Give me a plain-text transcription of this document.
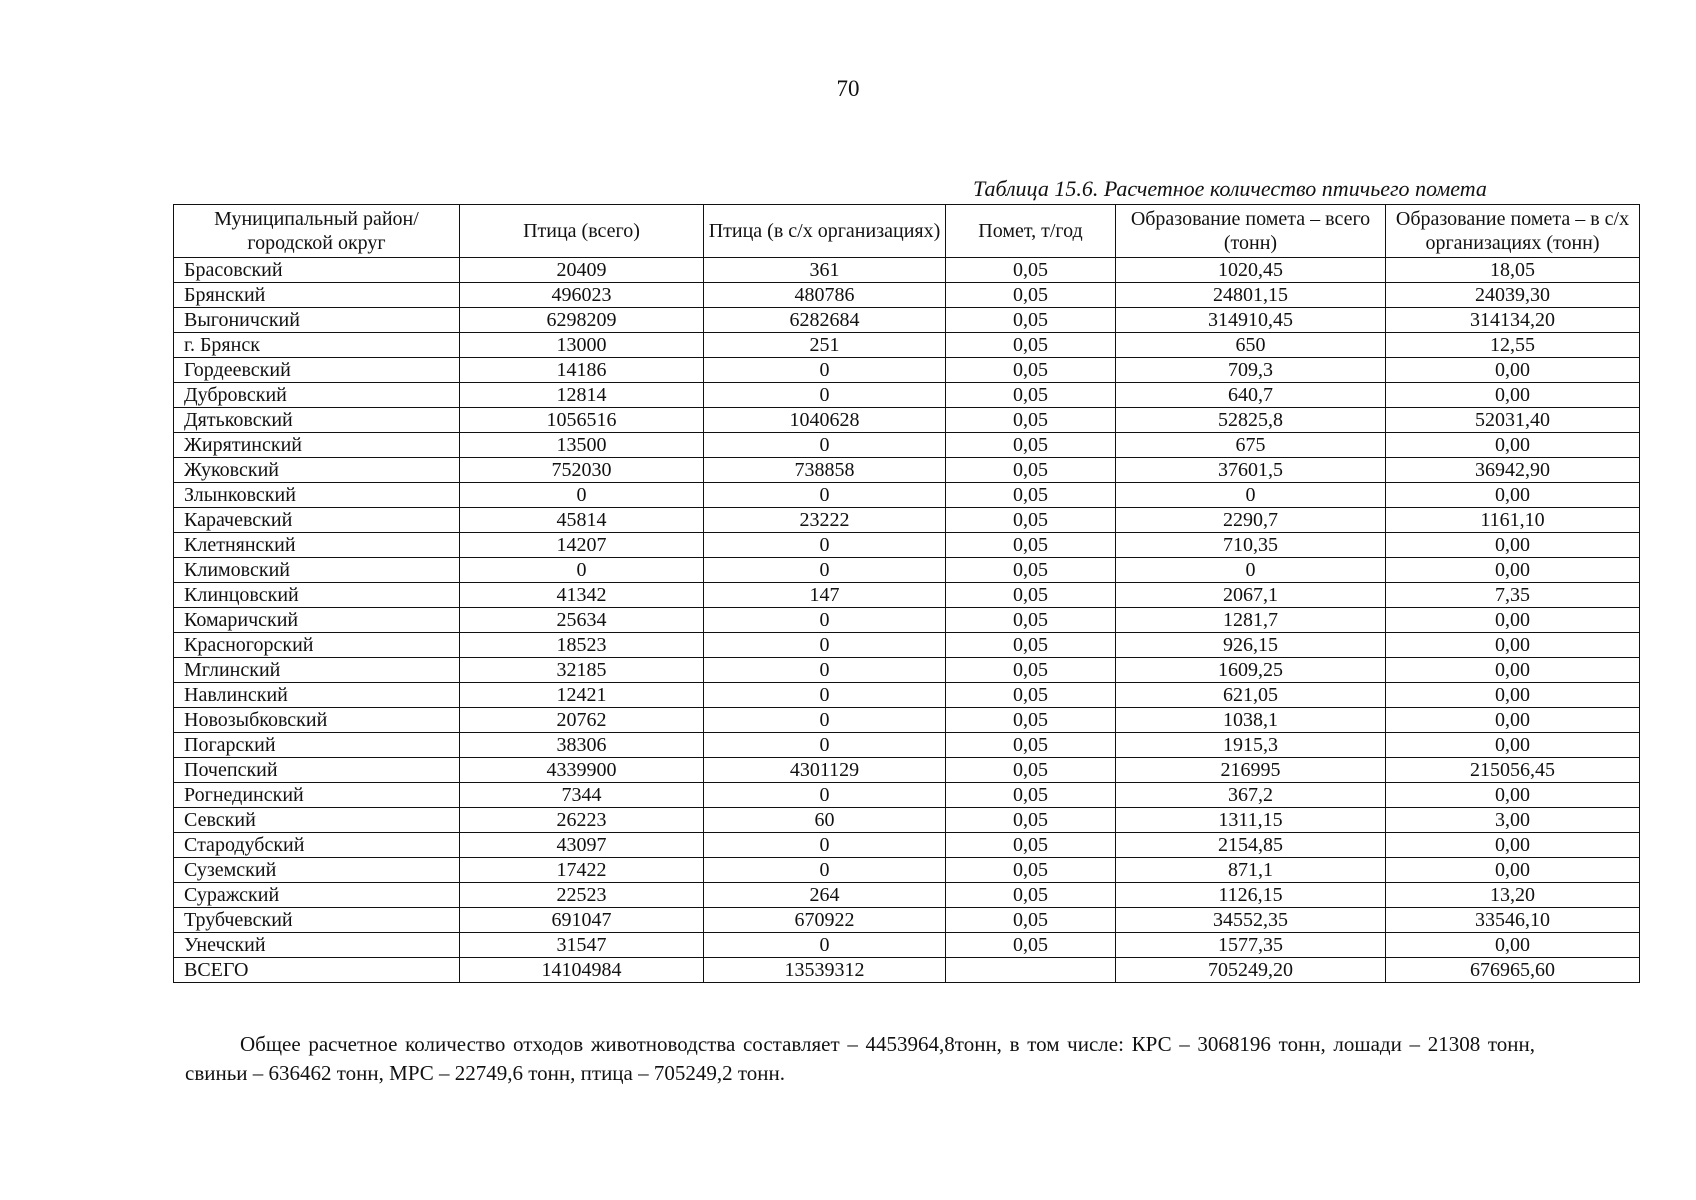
70
Таблица 15.6. Расчетное количество птичьего помета
Муниципальный район/городской округ	Птица (всего)	Птица (в с/х организациях)	Помет, т/год	Образование помета – всего (тонн)	Образование помета – в с/х организациях (тонн)
Брасовский	20409	361	0,05	1020,45	18,05
Брянский	496023	480786	0,05	24801,15	24039,30
Выгоничский	6298209	6282684	0,05	314910,45	314134,20
г. Брянск	13000	251	0,05	650	12,55
Гордеевский	14186	0	0,05	709,3	0,00
Дубровский	12814	0	0,05	640,7	0,00
Дятьковский	1056516	1040628	0,05	52825,8	52031,40
Жирятинский	13500	0	0,05	675	0,00
Жуковский	752030	738858	0,05	37601,5	36942,90
Злынковский	0	0	0,05	0	0,00
Карачевский	45814	23222	0,05	2290,7	1161,10
Клетнянский	14207	0	0,05	710,35	0,00
Климовский	0	0	0,05	0	0,00
Клинцовский	41342	147	0,05	2067,1	7,35
Комаричский	25634	0	0,05	1281,7	0,00
Красногорский	18523	0	0,05	926,15	0,00
Мглинский	32185	0	0,05	1609,25	0,00
Навлинский	12421	0	0,05	621,05	0,00
Новозыбковский	20762	0	0,05	1038,1	0,00
Погарский	38306	0	0,05	1915,3	0,00
Почепский	4339900	4301129	0,05	216995	215056,45
Рогнединский	7344	0	0,05	367,2	0,00
Севский	26223	60	0,05	1311,15	3,00
Стародубский	43097	0	0,05	2154,85	0,00
Суземский	17422	0	0,05	871,1	0,00
Суражский	22523	264	0,05	1126,15	13,20
Трубчевский	691047	670922	0,05	34552,35	33546,10
Унечский	31547	0	0,05	1577,35	0,00
ВСЕГО	14104984	13539312		705249,20	676965,60
Общее расчетное количество отходов животноводства составляет – 4453964,8тонн, в том числе: КРС – 3068196 тонн, лошади – 21308 тонн, свиньи – 636462 тонн, МРС – 22749,6 тонн, птица – 705249,2 тонн.
